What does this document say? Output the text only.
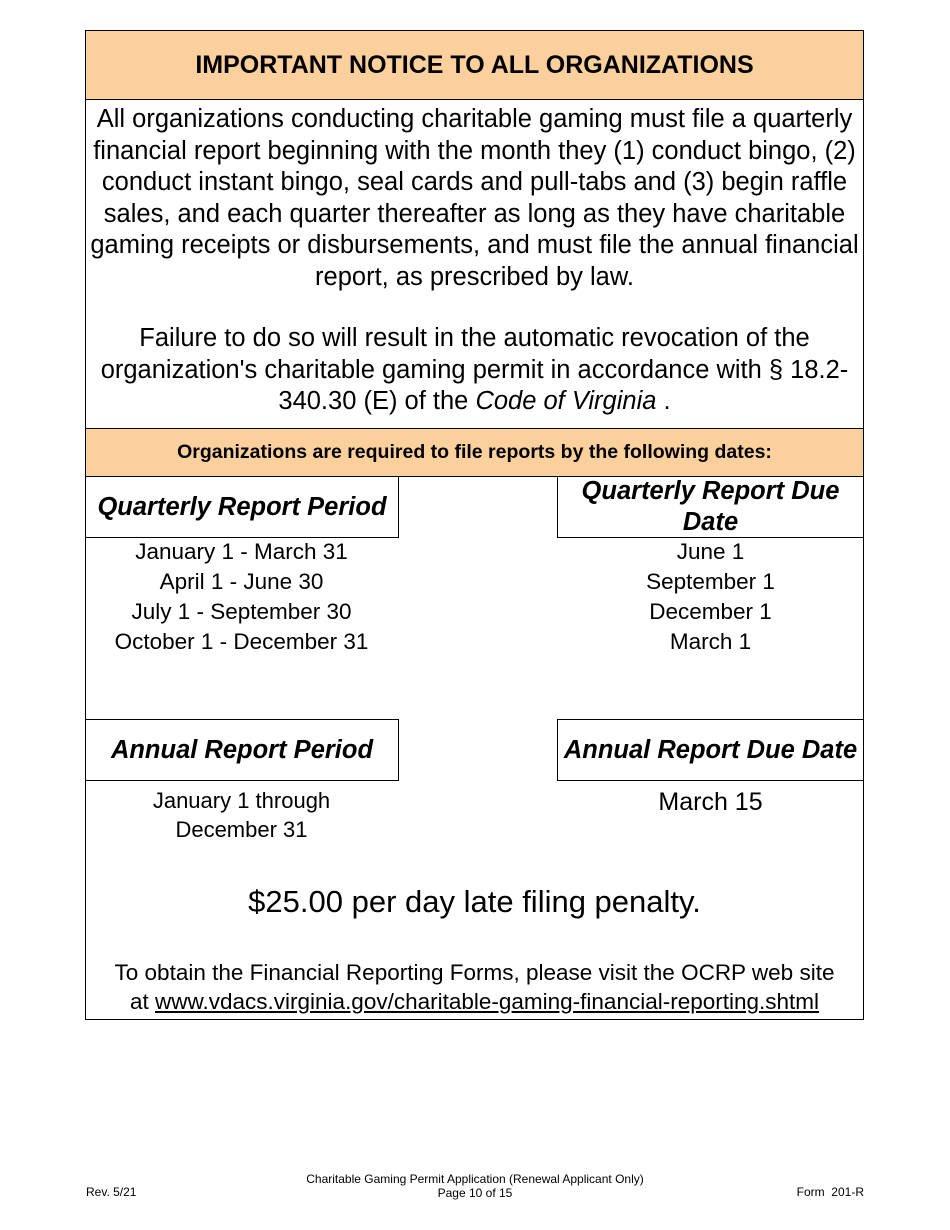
IMPORTANT NOTICE TO ALL ORGANIZATIONS
All organizations conducting charitable gaming must file a quarterly financial report beginning with the month they (1) conduct bingo, (2) conduct instant bingo, seal cards and pull-tabs and (3) begin raffle sales, and each quarter thereafter as long as they have charitable gaming receipts or disbursements, and must file the annual financial report, as prescribed by law.
Failure to do so will result in the automatic revocation of the organization's charitable gaming permit in accordance with § 18.2-340.30 (E) of the Code of Virginia .
Organizations are required to file reports by the following dates:
Quarterly Report Period
Quarterly Report Due Date
January 1 - March 31
April 1 - June 30
July 1 - September 30
October 1 - December 31
June 1
September 1
December 1
March 1
Annual Report Period	Annual Report Due Date
January 1 through
December 31
March 15
$25.00 per day late filing penalty.
To obtain the Financial Reporting Forms, please visit the OCRP web site
at www.vdacs.virginia.gov/charitable-gaming-financial-reporting.shtml
Rev. 5/21
Charitable Gaming Permit Application (Renewal Applicant Only)
Page 10 of 15	Form  201-R
